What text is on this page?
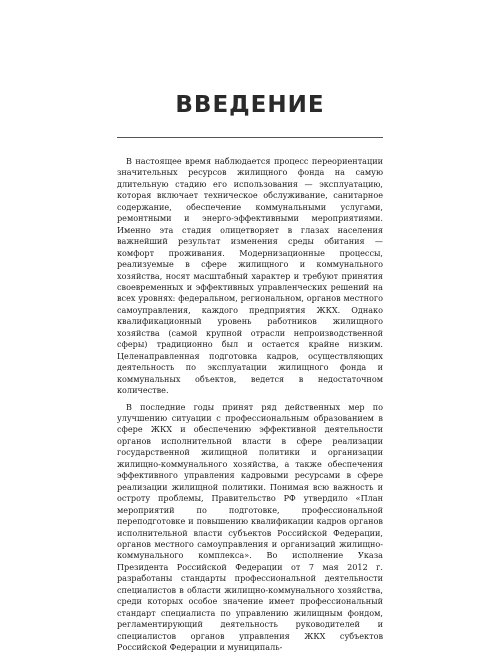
ВВЕДЕНИЕ

В настоящее время наблюдается процесс переориентации значительных ресурсов жилищного фонда на самую длительную стадию его использования — эксплуатацию, которая включает техническое обслуживание, санитарное содержание, обеспечение коммунальными услугами, ремонтными и энерго-эффективными мероприятиями. Именно эта стадия олицетворяет в глазах населения важнейший результат изменения среды обитания — комфорт проживания. Модернизационные процессы, реализуемые в сфере жилищного и коммунального хозяйства, носят масштабный характер и требуют принятия своевременных и эффективных управленческих решений на всех уровнях: федеральном, региональном, органов местного самоуправления, каждого предприятия ЖКХ. Однако квалификационный уровень работников жилищного хозяйства (самой крупной отрасли непроизводственной сферы) традиционно был и остается крайне низким. Целенаправленная подготовка кадров, осуществляющих деятельность по эксплуатации жилищного фонда и коммунальных объектов, ведется в недостаточном количестве.

В последние годы принят ряд действенных мер по улучшению ситуации с профессиональным образованием в сфере ЖКХ и обеспечению эффективной деятельности органов исполнительной власти в сфере реализации государственной жилищной политики и организации жилищно-коммунального хозяйства, а также обеспечения эффективного управления кадровыми ресурсами в сфере реализации жилищной политики. Понимая всю важность и остроту проблемы, Правительство РФ утвердило «План мероприятий по подготовке, профессиональной переподготовке и повышению квалификации кадров органов исполнительной власти субъектов Российской Федерации, органов местного самоуправления и организаций жилищно-коммунального комплекса». Во исполнение Указа Президента Российской Федерации от 7 мая 2012 г. разработаны стандарты профессиональной деятельности специалистов в области жилищно-коммунального хозяйства, среди которых особое значение имеет профессиональный стандарт специалиста по управлению жилищным фондом, регламентирующий деятельность руководителей и специалистов органов управления ЖКХ субъектов Российской Федерации и муниципаль-
